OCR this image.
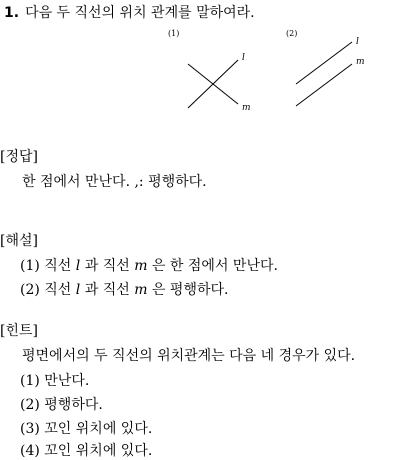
1. 다음 두 직선의 위치 관계를 말하여라.
(1)
l
m
(2)
l
m
[정답]
한 점에서 만난다. ,: 평행하다.
[해설]
(1) 직선 l 과 직선 m 은 한 점에서 만난다.
(2) 직선 l 과 직선 m 은 평행하다.
[힌트]
평면에서의 두 직선의 위치관계는 다음 네 경우가 있다.
(1) 만난다.
(2) 평행하다.
(3) 꼬인 위치에 있다.
(4) 꼬인 위치에 있다.
